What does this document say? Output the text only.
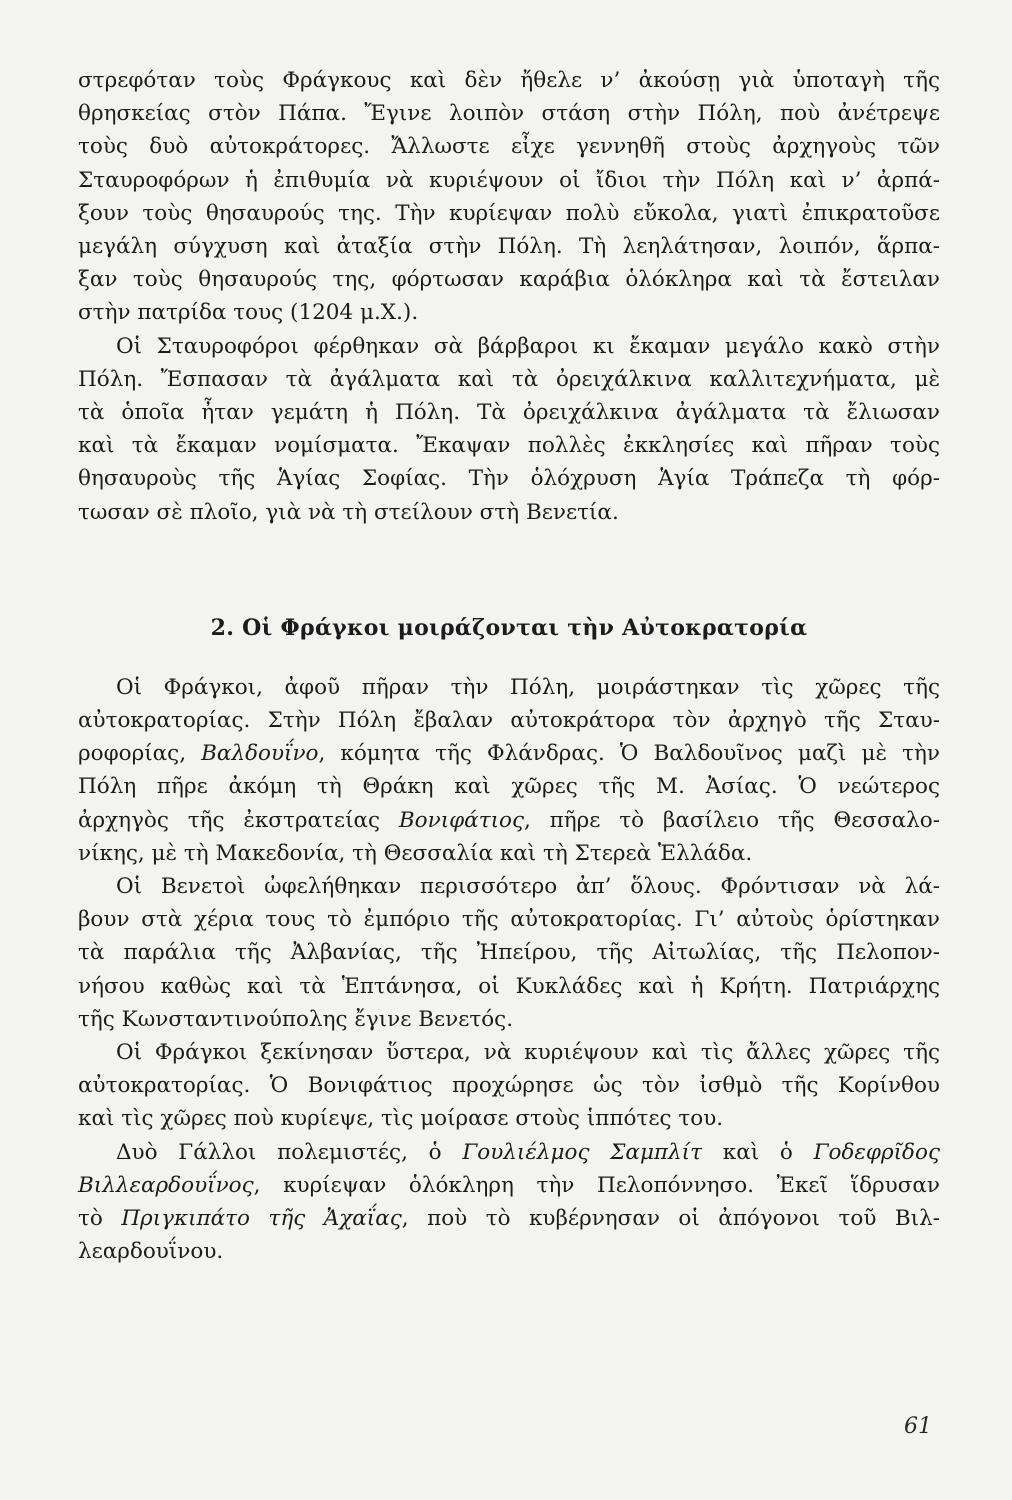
στρεφόταν τοὺς Φράγκους καὶ δὲν ἤθελε ν’ ἀκούσῃ γιὰ ὑποταγὴ τῆς
θρησκείας στὸν Πάπα. Ἔγινε λοιπὸν στάση στὴν Πόλη, ποὺ ἀνέτρεψε
τοὺς δυὸ αὐτοκράτορες. Ἄλλωστε εἶχε γεννηθῆ στοὺς ἀρχηγοὺς τῶν
Σταυροφόρων ἡ ἐπιθυμία νὰ κυριέψουν οἱ ἴδιοι τὴν Πόλη καὶ ν’ ἀρπά-
ξουν τοὺς θησαυρούς της. Τὴν κυρίεψαν πολὺ εὔκολα, γιατὶ ἐπικρατοῦσε
μεγάλη σύγχυση καὶ ἀταξία στὴν Πόλη. Τὴ λεηλάτησαν, λοιπόν, ἅρπα-
ξαν τοὺς θησαυρούς της, φόρτωσαν καράβια ὁλόκληρα καὶ τὰ ἔστειλαν
στὴν πατρίδα τους (1204 μ.Χ.).
Οἱ Σταυροφόροι φέρθηκαν σὰ βάρβαροι κι ἔκαμαν μεγάλο κακὸ στὴν
Πόλη. Ἔσπασαν τὰ ἀγάλματα καὶ τὰ ὀρειχάλκινα καλλιτεχνήματα, μὲ
τὰ ὁποῖα ἦταν γεμάτη ἡ Πόλη. Τὰ ὀρειχάλκινα ἀγάλματα τὰ ἔλιωσαν
καὶ τὰ ἔκαμαν νομίσματα. Ἔκαψαν πολλὲς ἐκκλησίες καὶ πῆραν τοὺς
θησαυροὺς τῆς Ἁγίας Σοφίας. Τὴν ὁλόχρυση Ἁγία Τράπεζα τὴ φόρ-
τωσαν σὲ πλοῖο, γιὰ νὰ τὴ στείλουν στὴ Βενετία.
2. Οἱ Φράγκοι μοιράζονται τὴν Αὐτοκρατορία
Οἱ Φράγκοι, ἀφοῦ πῆραν τὴν Πόλη, μοιράστηκαν τὶς χῶρες τῆς
αὐτοκρατορίας. Στὴν Πόλη ἔβαλαν αὐτοκράτορα τὸν ἀρχηγὸ τῆς Σταυ-
ροφορίας, Βαλδουΐνο, κόμητα τῆς Φλάνδρας. Ὁ Βαλδουῖνος μαζὶ μὲ τὴν
Πόλη πῆρε ἀκόμη τὴ Θράκη καὶ χῶρες τῆς Μ. Ἀσίας. Ὁ νεώτερος
ἀρχηγὸς τῆς ἐκστρατείας Βονιφάτιος, πῆρε τὸ βασίλειο τῆς Θεσσαλο-
νίκης, μὲ τὴ Μακεδονία, τὴ Θεσσαλία καὶ τὴ Στερεὰ Ἑλλάδα.
Οἱ Βενετοὶ ὠφελήθηκαν περισσότερο ἀπ’ ὅλους. Φρόντισαν νὰ λά-
βουν στὰ χέρια τους τὸ ἐμπόριο τῆς αὐτοκρατορίας. Γι’ αὐτοὺς ὁρίστηκαν
τὰ παράλια τῆς Ἀλβανίας, τῆς Ἠπείρου, τῆς Αἰτωλίας, τῆς Πελοπον-
νήσου καθὼς καὶ τὰ Ἑπτάνησα, οἱ Κυκλάδες καὶ ἡ Κρήτη. Πατριάρχης
τῆς Κωνσταντινούπολης ἔγινε Βενετός.
Οἱ Φράγκοι ξεκίνησαν ὕστερα, νὰ κυριέψουν καὶ τὶς ἄλλες χῶρες τῆς
αὐτοκρατορίας. Ὁ Βονιφάτιος προχώρησε ὡς τὸν ἰσθμὸ τῆς Κορίνθου
καὶ τὶς χῶρες ποὺ κυρίεψε, τὶς μοίρασε στοὺς ἱππότες του.
Δυὸ Γάλλοι πολεμιστές, ὁ Γουλιέλμος Σαμπλίτ καὶ ὁ Γοδεφρῖδος
Βιλλεαρδουΐνος, κυρίεψαν ὁλόκληρη τὴν Πελοπόννησο. Ἐκεῖ ἵδρυσαν
τὸ Πριγκιπάτο τῆς Ἀχαΐας, ποὺ τὸ κυβέρνησαν οἱ ἀπόγονοι τοῦ Βιλ-
λεαρδουΐνου.
61
